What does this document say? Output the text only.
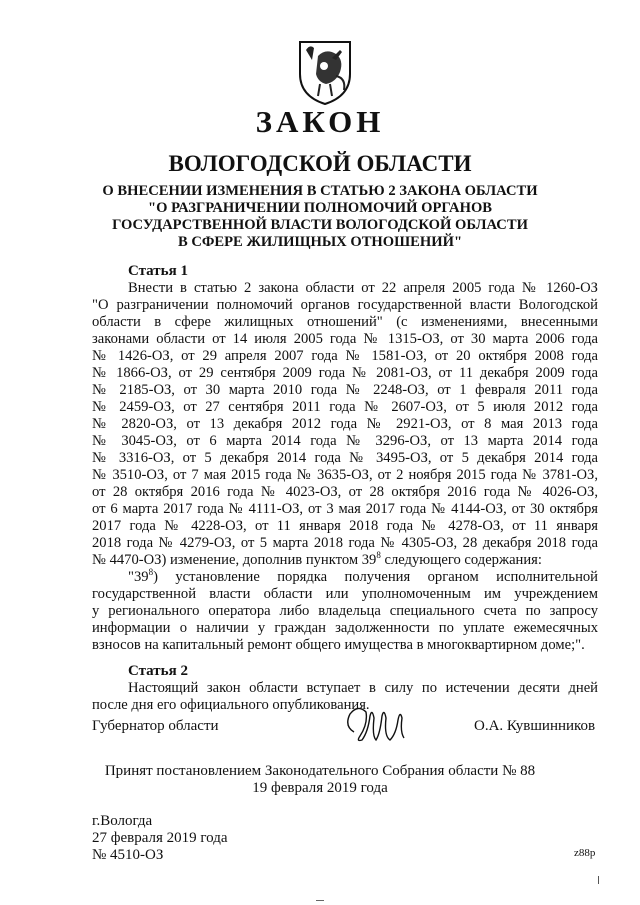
ЗАКОН
ВОЛОГОДСКОЙ ОБЛАСТИ
О ВНЕСЕНИИ ИЗМЕНЕНИЯ В СТАТЬЮ 2 ЗАКОНА ОБЛАСТИ
"О РАЗГРАНИЧЕНИИ ПОЛНОМОЧИЙ ОРГАНОВ
ГОСУДАРСТВЕННОЙ ВЛАСТИ ВОЛОГОДСКОЙ ОБЛАСТИ
В СФЕРЕ ЖИЛИЩНЫХ ОТНОШЕНИЙ"
Статья 1
Внести в статью 2 закона области от 22 апреля 2005 года № 1260-ОЗ
"О разграничении полномочий органов государственной власти Вологодской
области в сфере жилищных отношений" (с изменениями, внесенными
законами области от 14 июля 2005 года № 1315-ОЗ, от 30 марта 2006 года
№ 1426-ОЗ, от 29 апреля 2007 года № 1581-ОЗ, от 20 октября 2008 года
№ 1866-ОЗ, от 29 сентября 2009 года № 2081-ОЗ, от 11 декабря 2009 года
№ 2185-ОЗ, от 30 марта 2010 года № 2248-ОЗ, от 1 февраля 2011 года
№ 2459-ОЗ, от 27 сентября 2011 года № 2607-ОЗ, от 5 июля 2012 года
№ 2820-ОЗ, от 13 декабря 2012 года № 2921-ОЗ, от 8 мая 2013 года
№ 3045-ОЗ, от 6 марта 2014 года № 3296-ОЗ, от 13 марта 2014 года
№ 3316-ОЗ, от 5 декабря 2014 года № 3495-ОЗ, от 5 декабря 2014 года
№ 3510-ОЗ, от 7 мая 2015 года № 3635-ОЗ, от 2 ноября 2015 года № 3781-ОЗ,
от 28 октября 2016 года № 4023-ОЗ, от 28 октября 2016 года № 4026-ОЗ,
от 6 марта 2017 года № 4111-ОЗ, от 3 мая 2017 года № 4144-ОЗ, от 30 октября
2017 года № 4228-ОЗ, от 11 января 2018 года № 4278-ОЗ, от 11 января
2018 года № 4279-ОЗ, от 5 марта 2018 года № 4305-ОЗ, 28 декабря 2018 года
№ 4470-ОЗ) изменение, дополнив пунктом $39^8$ следующего содержания:
"$39^8$) установление порядка получения органом исполнительной
государственной власти области или уполномоченным им учреждением
у регионального оператора либо владельца специального счета по запросу
информации о наличии у граждан задолженности по уплате ежемесячных
взносов на капитальный ремонт общего имущества в многоквартирном доме;".
Статья 2
Настоящий закон области вступает в силу по истечении десяти дней
после дня его официального опубликования.
Губернатор области	О.А. Кувшинников
Принят постановлением Законодательного Собрания области № 88
19 февраля 2019 года
г.Вологда
27 февраля 2019 года
№ 4510-ОЗ	z88p
